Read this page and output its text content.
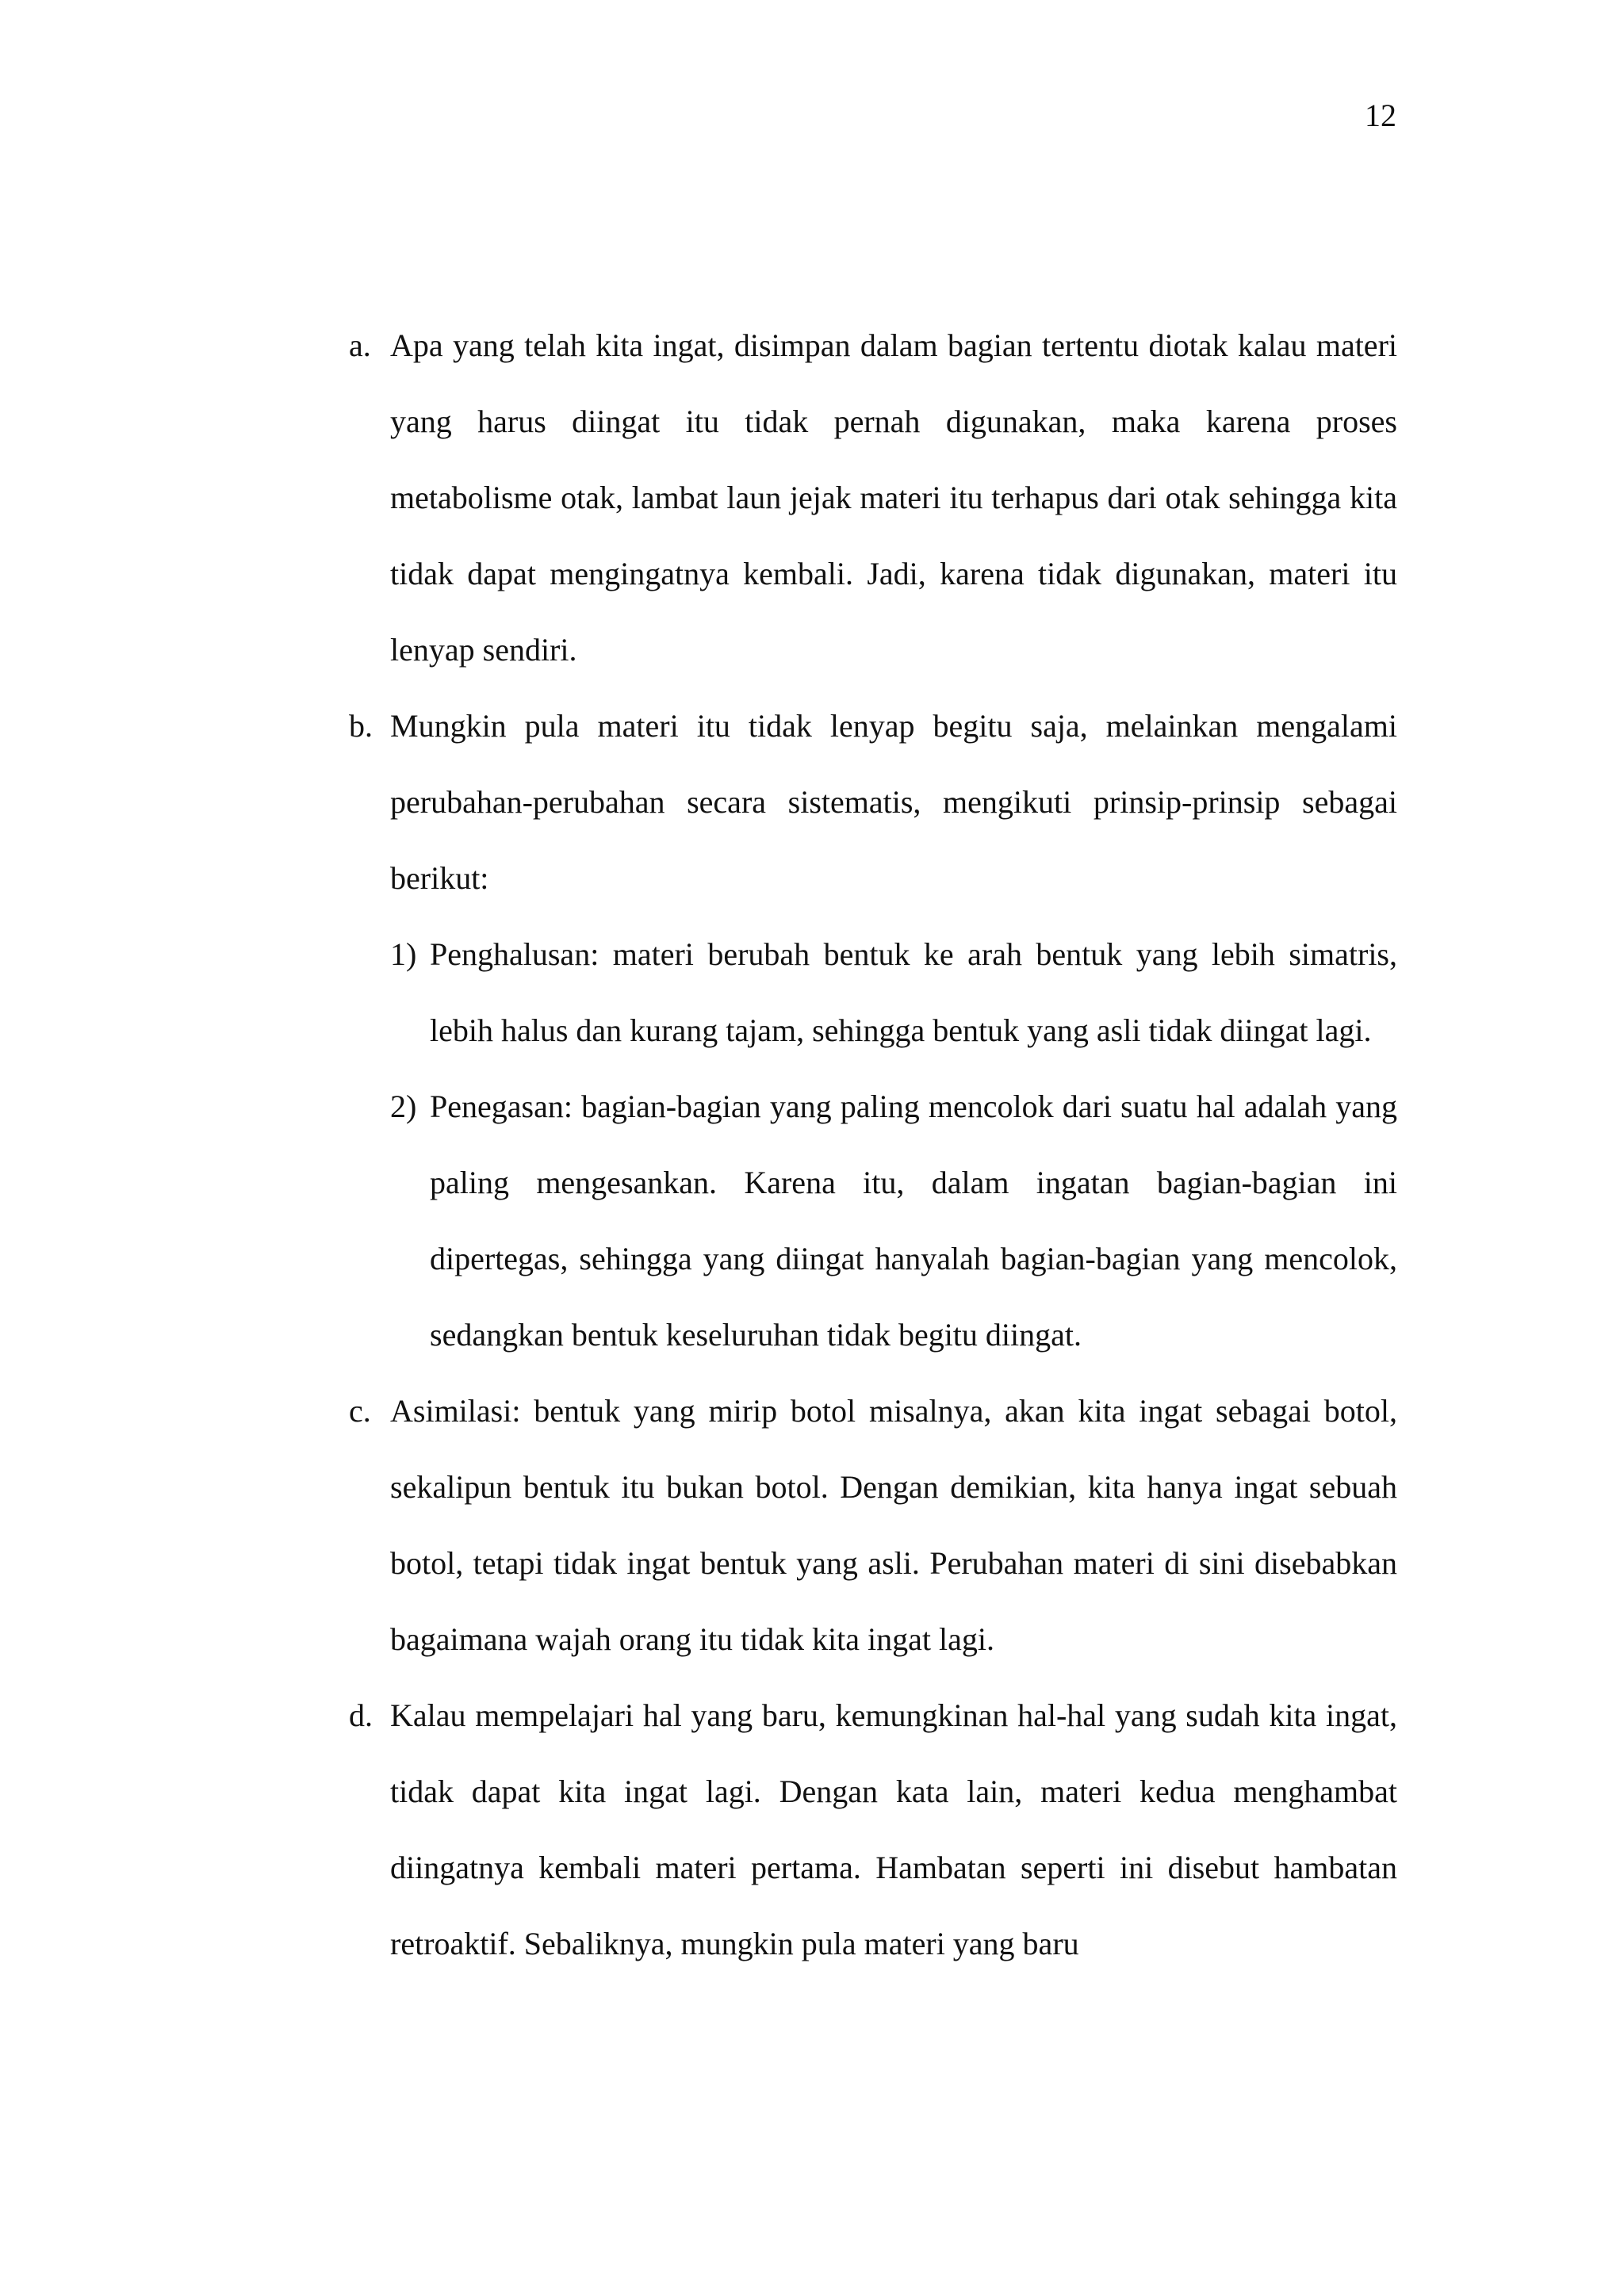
12
a. Apa yang telah kita ingat, disimpan dalam bagian tertentu diotak kalau materi yang harus diingat itu tidak pernah digunakan, maka karena proses metabolisme otak, lambat laun jejak materi itu terhapus dari otak sehingga kita tidak dapat mengingatnya kembali. Jadi, karena tidak digunakan, materi itu lenyap sendiri.
b. Mungkin pula materi itu tidak lenyap begitu saja, melainkan mengalami perubahan-perubahan secara sistematis, mengikuti prinsip-prinsip sebagai berikut:
1) Penghalusan: materi berubah bentuk ke arah bentuk yang lebih simatris, lebih halus dan kurang tajam, sehingga bentuk yang asli tidak diingat lagi.
2) Penegasan: bagian-bagian yang paling mencolok dari suatu hal adalah yang paling mengesankan. Karena itu, dalam ingatan bagian-bagian ini dipertegas, sehingga yang diingat hanyalah bagian-bagian yang mencolok, sedangkan bentuk keseluruhan tidak begitu diingat.
c. Asimilasi: bentuk yang mirip botol misalnya, akan kita ingat sebagai botol, sekalipun bentuk itu bukan botol. Dengan demikian, kita hanya ingat sebuah botol, tetapi tidak ingat bentuk yang asli. Perubahan materi di sini disebabkan bagaimana wajah orang itu tidak kita ingat lagi.
d. Kalau mempelajari hal yang baru, kemungkinan hal-hal yang sudah kita ingat, tidak dapat kita ingat lagi. Dengan kata lain, materi kedua menghambat diingatnya kembali materi pertama. Hambatan seperti ini disebut hambatan retroaktif. Sebaliknya, mungkin pula materi yang baru
